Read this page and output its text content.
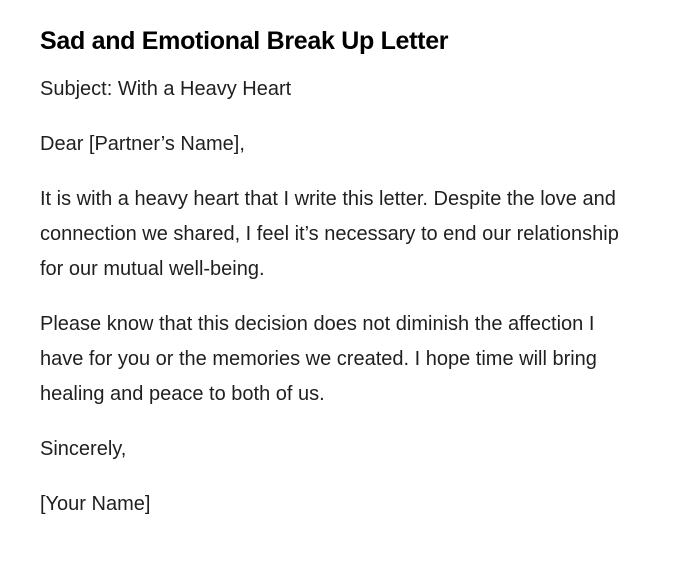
Sad and Emotional Break Up Letter

Subject: With a Heavy Heart

Dear [Partner’s Name],

It is with a heavy heart that I write this letter. Despite the love and connection we shared, I feel it’s necessary to end our relationship for our mutual well-being.

Please know that this decision does not diminish the affection I have for you or the memories we created. I hope time will bring healing and peace to both of us.

Sincerely,

[Your Name]
